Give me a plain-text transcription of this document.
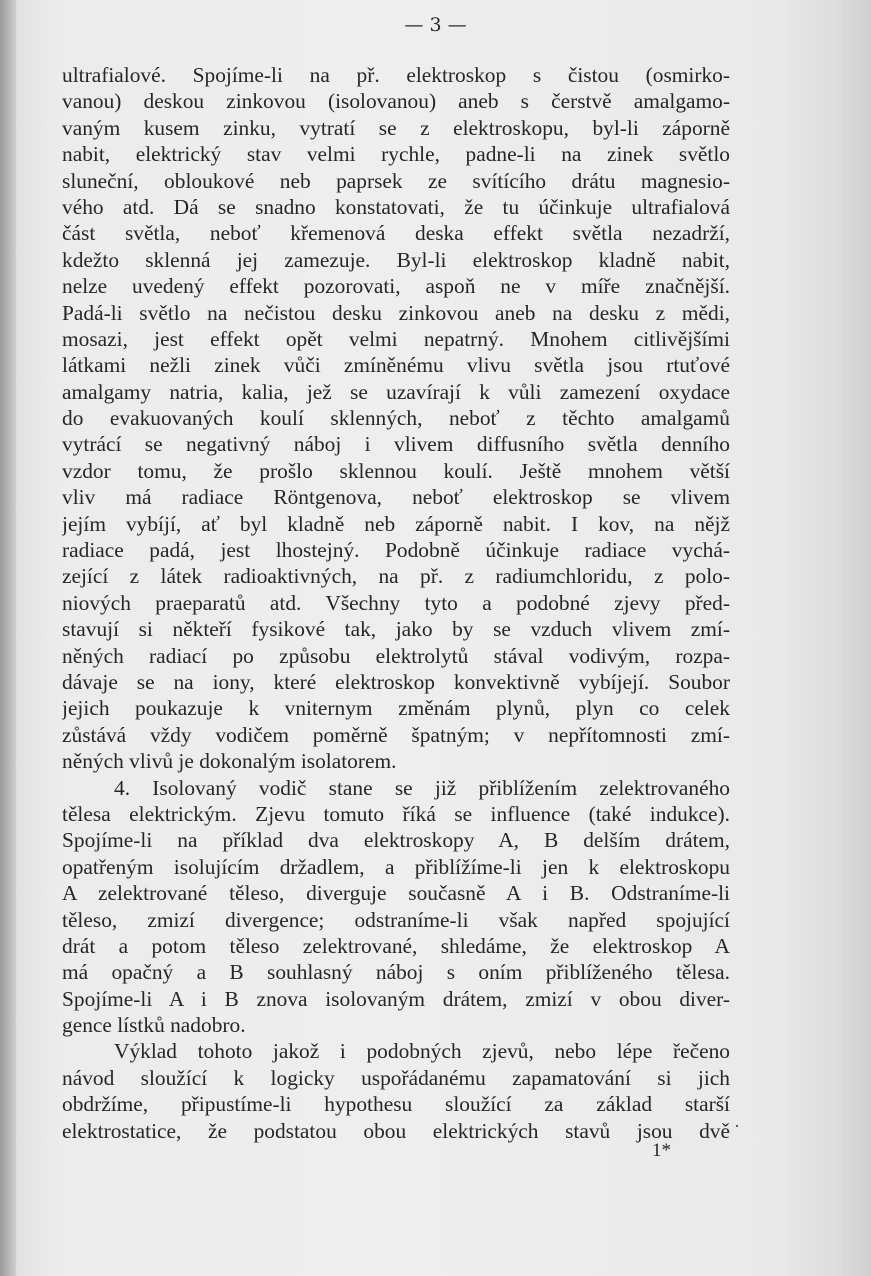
— 3 —

ultrafialové. Spojíme-li na př. elektroskop s čistou (osmirko-
vanou) deskou zinkovou (isolovanou) aneb s čerstvě amalgamo-
vaným kusem zinku, vytratí se z elektroskopu, byl-li záporně
nabit, elektrický stav velmi rychle, padne-li na zinek světlo
sluneční, obloukové neb paprsek ze svítícího drátu magnesio-
vého atd. Dá se snadno konstatovati, že tu účinkuje ultrafialová
část světla, neboť křemenová deska effekt světla nezadrží,
kdežto sklenná jej zamezuje. Byl-li elektroskop kladně nabit,
nelze uvedený effekt pozorovati, aspoň ne v míře značnější.
Padá-li světlo na nečistou desku zinkovou aneb na desku z mědi,
mosazi, jest effekt opět velmi nepatrný. Mnohem citlivějšími
látkami nežli zinek vůči zmíněnému vlivu světla jsou rtuťové
amalgamy natria, kalia, jež se uzavírají k vůli zamezení oxydace
do evakuovaných koulí sklenných, neboť z těchto amalgamů
vytrácí se negativný náboj i vlivem diffusního světla denního
vzdor tomu, že prošlo sklennou koulí. Ještě mnohem větší
vliv má radiace Röntgenova, neboť elektroskop se vlivem
jejím vybíjí, ať byl kladně neb záporně nabit. I kov, na nějž
radiace padá, jest lhostejný. Podobně účinkuje radiace vychá-
zející z látek radioaktivných, na př. z radiumchloridu, z polo-
niových praeparatů atd. Všechny tyto a podobné zjevy před-
stavují si někteří fysikové tak, jako by se vzduch vlivem zmí-
něných radiací po způsobu elektrolytů stával vodivým, rozpa-
dávaje se na iony, které elektroskop konvektivně vybíjejí. Soubor
jejich poukazuje k vniternym změnám plynů, plyn co celek
zůstává vždy vodičem poměrně špatným; v nepřítomnosti zmí-
něných vlivů je dokonalým isolatorem.
4. Isolovaný vodič stane se již přiblížením zelektrovaného
tělesa elektrickým. Zjevu tomuto říká se influence (také indukce).
Spojíme-li na příklad dva elektroskopy A, B delším drátem,
opatřeným isolujícím držadlem, a přiblížíme-li jen k elektroskopu
A zelektrované těleso, diverguje současně A i B. Odstraníme-li
těleso, zmizí divergence; odstraníme-li však napřed spojující
drát a potom těleso zelektrované, shledáme, že elektroskop A
má opačný a B souhlasný náboj s oním přiblíženého tělesa.
Spojíme-li A i B znova isolovaným drátem, zmizí v obou diver-
gence lístků nadobro.
Výklad tohoto jakož i podobných zjevů, nebo lépe řečeno
návod sloužící k logicky uspořádanému zapamatování si jich
obdržíme, připustíme-li hypothesu sloužící za základ starší
elektrostatice, že podstatou obou elektrických stavů jsou dvě ·

1*
